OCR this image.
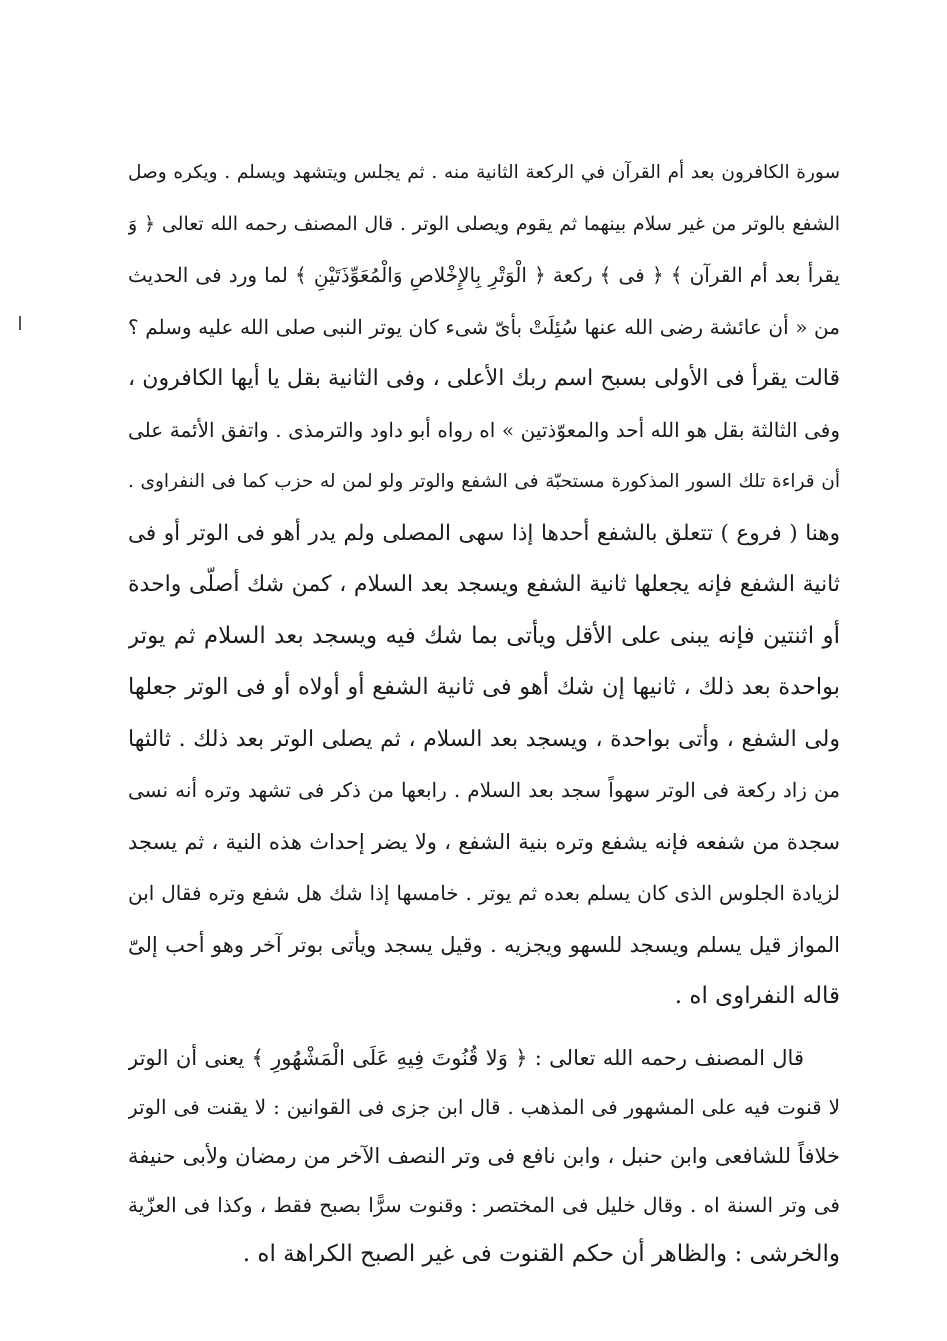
سورة الكافرون بعد أم القرآن في الركعة الثانية منه . ثم يجلس ويتشهد ويسلم . ويكره وصل
الشفع بالوتر من غير سلام بينهما ثم يقوم ويصلى الوتر . قال المصنف رحمه الله تعالى ﴿ وَ
يقرأ بعد أم القرآن ﴾ ﴿ فى ﴾ ركعة ﴿ الْوَتْرِ بِالإِخْلاصِ وَالْمُعَوِّذَتَيْنِ ﴾ لما ورد فى الحديث
من « أن عائشة رضى الله عنها سُئِلَتْ بأىّ شىء كان يوتر النبى صلى الله عليه وسلم ؟
قالت يقرأ فى الأولى بسبح اسم ربك الأعلى ، وفى الثانية بقل يا أيها الكافرون ،
وفى الثالثة بقل هو الله أحد والمعوّذتين » اه رواه أبو داود والترمذى . واتفق الأئمة على
أن قراءة تلك السور المذكورة مستحبّة فى الشفع والوتر ولو لمن له حزب كما فى النفراوى .
وهنا ( فروع ) تتعلق بالشفع أحدها إذا سهى المصلى ولم يدر أهو فى الوتر أو فى
ثانية الشفع فإنه يجعلها ثانية الشفع ويسجد بعد السلام ، كمن شك أصلّى واحدة
أو اثنتين فإنه يبنى على الأقل ويأتى بما شك فيه ويسجد بعد السلام ثم يوتر
بواحدة بعد ذلك ، ثانيها إن شك أهو فى ثانية الشفع أو أولاه أو فى الوتر جعلها
ولى الشفع ، وأتى بواحدة ، ويسجد بعد السلام ، ثم يصلى الوتر بعد ذلك . ثالثها
من زاد ركعة فى الوتر سهواً سجد بعد السلام . رابعها من ذكر فى تشهد وتره أنه نسى
سجدة من شفعه فإنه يشفع وتره بنية الشفع ، ولا يضر إحداث هذه النية ، ثم يسجد
لزيادة الجلوس الذى كان يسلم بعده ثم يوتر . خامسها إذا شك هل شفع وتره فقال ابن
المواز قيل يسلم ويسجد للسهو ويجزيه . وقيل يسجد ويأتى بوتر آخر وهو أحب إلىّ
قاله النفراوى اه .
قال المصنف رحمه الله تعالى : ﴿ وَلا قُنُوتَ فِيهِ عَلَى الْمَشْهُورِ ﴾ يعنى أن الوتر
لا قنوت فيه على المشهور فى المذهب . قال ابن جزى فى القوانين : لا يقنت فى الوتر
خلافاً للشافعى وابن حنبل ، وابن نافع فى وتر النصف الآخر من رمضان ولأبى حنيفة
فى وتر السنة اه . وقال خليل فى المختصر : وقنوت سرًّا بصبح فقط ، وكذا فى العزّية
والخرشى : والظاهر أن حكم القنوت فى غير الصبح الكراهة اه .
